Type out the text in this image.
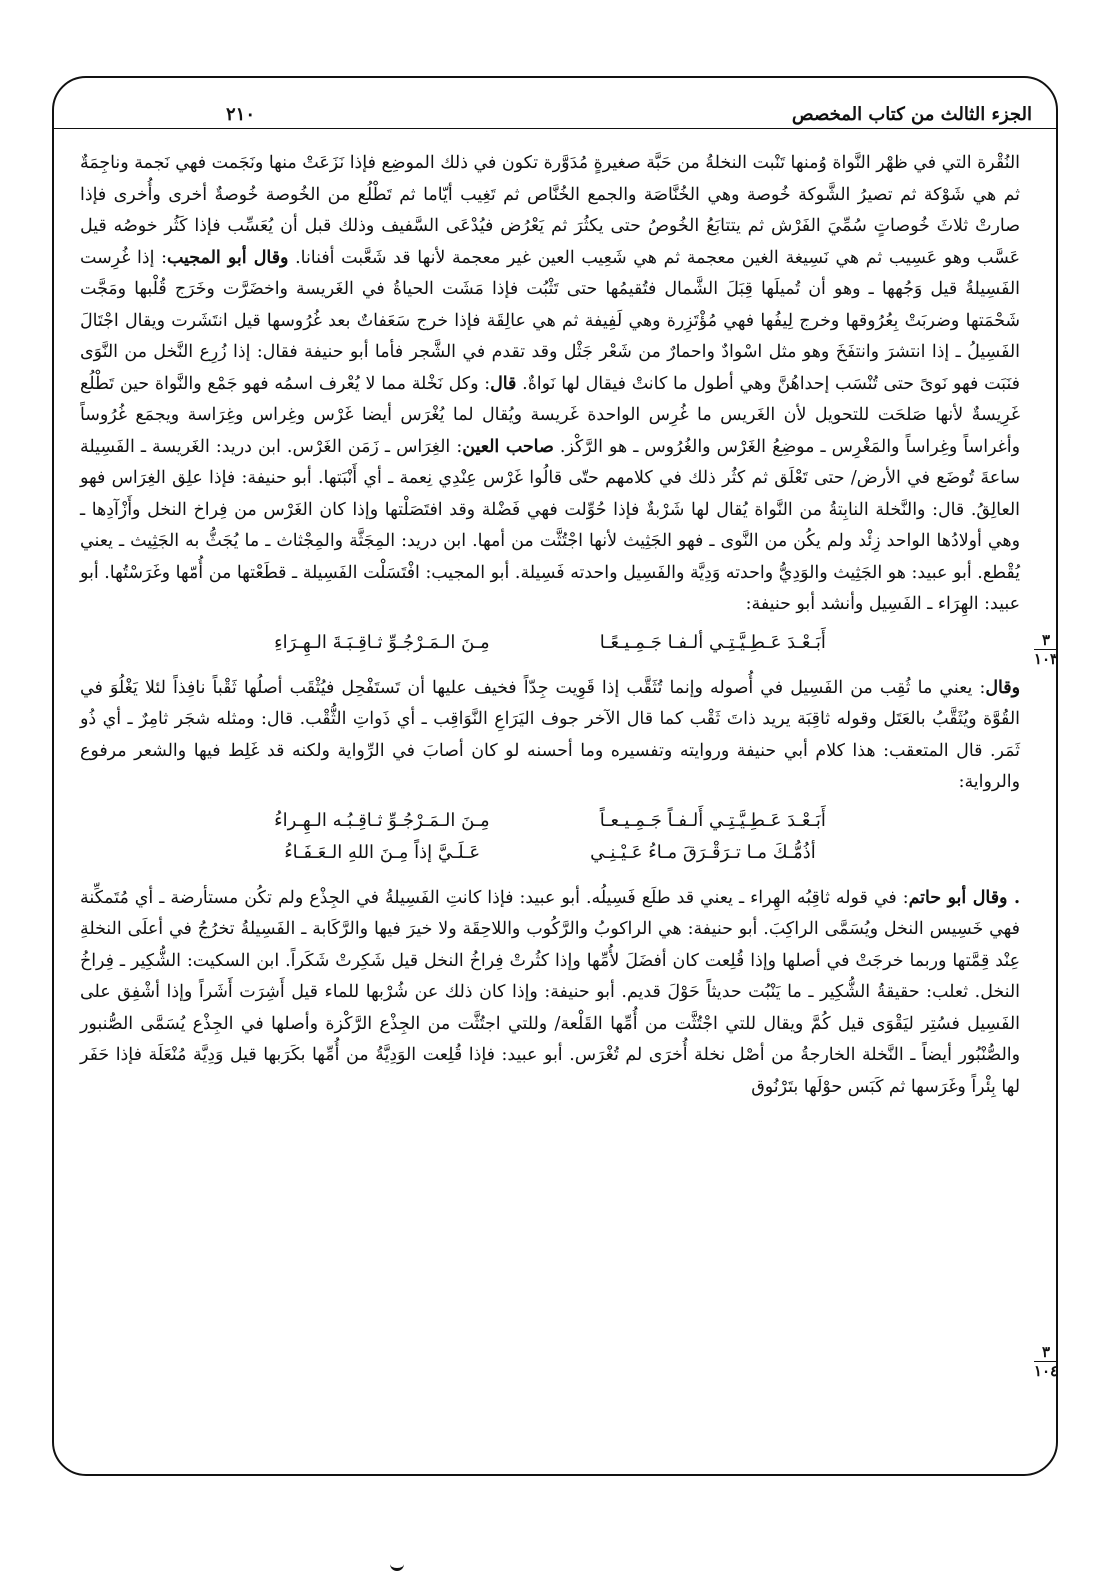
الجزء الثالث من كتاب المخصص
٢١٠
٣
١٠٣
٣
١٠٤

النُقْرة التي في ظهْر النَّواة وُمنها تَنْبت النخلةُ من حَبَّة صغيرةٍ مُدَوَّرة تكون في ذلك الموضِع فإذا نَزَعَتْ منها ونَجَمت فهي نَجمة وناجِمَةٌ ثم هي شَوْكة ثم تصيرُ الشَّوكة خُوصة وهي الخُنَّاصَة والجمع الخُنَّاص ثم تَغِيب أيّاما ثم تَطْلُع من الخُوصة خُوصةٌ أخرى وأُخرى فإذا صارتْ ثلاثَ خُوصاتٍ سُمِّيَ الفَرْش ثم يتتابَعُ الخُوصُ حتى يكثُرَ ثم يَعْرُض فيُدْعَى السَّفيف وذلك قبل أن يُعَسِّب فإذا كَثُر خوصُه قيل عَسَّب وهو عَسِيب ثم هي نَسِيغة الغين معجمة ثم هي شَعِيب العين غير معجمة لأنها قد شَعَّبت أفنانا. وقال أبو المجيب: إذا غُرِست الفَسِيلةُ قيل وَجُهها ـ وهو أن تُميلَها قِبَلَ الشَّمال فتُقيمُها حتى تَثْبُت فإذا مَشَت الحياةُ في الغَريسة واخضَرَّت وخَرَج قُلْبها ومَجَّت شَحْمَتها وضربَتْ بِعُرُوقها وخرج لِيفُها فهي مُؤْتَزِرة وهي لَفِيفة ثم هي عالِقَة فإذا خرج سَعَفاتٌ بعد غُرُوسها قيل انتَشَرت ويقال اجْتَالَ الفَسِيلُ ـ إذا انتشرَ وانتفَخَ وهو مثل اسْوادٌ واحمارٌ من شَعْر جَثْل وقد تقدم في الشَّجر فأما أبو حنيفة فقال: إذا زُرِع النَّخل من النَّوَى فنَبَت فهو نَوىً حتى تُنْسَب إحداهُنَّ وهي أطول ما كانتْ فيقال لها نَواةٌ. قال: وكل نَخْلة مما لا يُعْرف اسمُه فهو جَمْع والنَّواة حين تَطْلُع غَرِيسةٌ لأنها صَلحَت للتحويل لأن الغَريس ما غُرِس الواحدة غَريسة ويُقال لما يُغْرَس أيضا غَرْس وغِراس وغِرَاسة ويجمَع غُرُوساً وأغراساً وغِراساً والمَغْرِس ـ موضِعُ الغَرْس والغُرُوس ـ هو الرَّكْز. صاحب العين: الغِرَاس ـ زَمَن الغَرْس. ابن دريد: الغَريسة ـ الفَسِيلة ساعةَ تُوضَع في الأرض/ حتى تَعْلَق ثم كثُر ذلك في كلامهم حتّى قالُوا غَرْس عِنْدِي نِعمة ـ أي أَنْبَتها. أبو حنيفة: فإذا علِق الغِرَاس فهو العالِقُ. قال: والنَّخلة النابِتةُ من النَّواة يُقال لها شَرْبةٌ فإذا حُوِّلت فهي فَضْلة وقد افتَصَلْتها وإذا كان الغَرْس من فِراخ النخل وأَزْآدِها ـ وهي أولادُها الواحد زِئْد ولم يكُن من النَّوى ـ فهو الجَثِيث لأنها اجْتُثَّت من أمها. ابن دريد: المِجَثَّة والمِجْثاث ـ ما يُجَثُّ به الجَثِيث ـ يعني يُقْطع. أبو عبيد: هو الجَثِيث والوَدِيُّ واحدته وَدِيَّة والفَسِيل واحدته فَسِيلة. أبو المجيب: افْتَسَلْت الفَسِيلة ـ قطَعْتها من أُمّها وغَرَسْتُها. أبو عبيد: الهِرَاء ـ الفَسِيل وأنشد أبو حنيفة:

أَبَـعْـدَ عَـطِـيَّـتِـي ألـفـا جَـمِـيـعًـا
مِـنَ الـمَـرْجُـوِّ ثـاقِـبَـةَ الـهِـرَاءِ

وقال: يعني ما ثُقِب من الفَسِيل في أُصوله وإنما تُثَقَّب إذا قَوِيت جِدّاً فخيف عليها أن تَستَفْحِل فيُثْقَب أصلُها ثَقْباً نافِذاً لئلا يَغْلُوَ في القُوَّة ويُثَقَّبُ بالعَتَل وقوله ثاقِبَة يريد ذاتَ ثَقْب كما قال الآخر جوف اليَرَاعِ النَّوَاقِب ـ أي ذَواتِ الثُّقْب. قال: ومثله شجَر ثامِرٌ ـ أي ذُو ثَمَر. قال المتعقب: هذا كلام أبي حنيفة وروايته وتفسيره وما أحسنه لو كان أصابَ في الرِّواية ولكنه قد غَلِط فيها والشعر مرفوع والرواية:

أَبَـعْـدَ عَـطِـيَّـتِـي أَلـفـاً جَـمِـيـعـاً
مِـنَ الـمَـرْجُـوِّ ثـاقِـبُـه الـهِـراءُ
أذُمُّـكَ مـا تـرَقْـرَقَ مـاءُ عَـيْـنِـي
عَـلَـيَّ إذاً مِـنَ اللهِ الـعَـفَـاءُ

. وقال أبو حاتم: في قوله ثاقِبُه الهِراء ـ يعني قد طلَع فَسِيلُه. أبو عبيد: فإذا كانتِ الفَسِيلةُ في الجِذْع ولم تكُن مستأرضة ـ أي مُتَمكِّنة فهي خَسِيس النخل ويُسَمَّى الراكِبَ. أبو حنيفة: هي الراكوبُ والرَّكُوب واللاحِقَة ولا خيرَ فيها والرَّكَابة ـ الفَسِيلةُ تخرُجُ في أعلَى النخلةِ عِنْد قِمَّتها وربما خرجَتْ في أصلها وإذا قُلِعت كان أفضَلَ لأُمِّها وإذا كثُرتْ فِراخُ النخل قيل شَكِرتْ شَكَراً. ابن السكيت: الشُّكِير ـ فِراخُ النخل. ثعلب: حقيقةُ الشُّكِير ـ ما يَنْبُت حديثاً حَوْلَ قديم. أبو حنيفة: وإذا كان ذلك عن شُرْبها للماء قيل أَشِرَت أَشَراً وإذا أشْفِق على الفَسِيل فسُتِر ليَقْوَى قيل كُمَّ ويقال للتي اجْتُثَّت من أُمِّها القَلْعة/ وللتي اجتُثَّت من الجِذْع الرَّكْزة وأصلها في الجِذْع يُسَمَّى الصُّنبور والصُّنْبُور أيضاً ـ النَّخلة الخارجةُ من أصْل نخلة أُخرَى لم تُغْرَس. أبو عبيد: فإذا قُلِعت الوَدِيَّةُ من أُمِّها بكَرَبها قيل وَدِيَّة مُنْعَلَة فإذا حَفَر لها بِئْراً وغَرَسها ثم كَبَس حوْلَها بتَرْنُوق
